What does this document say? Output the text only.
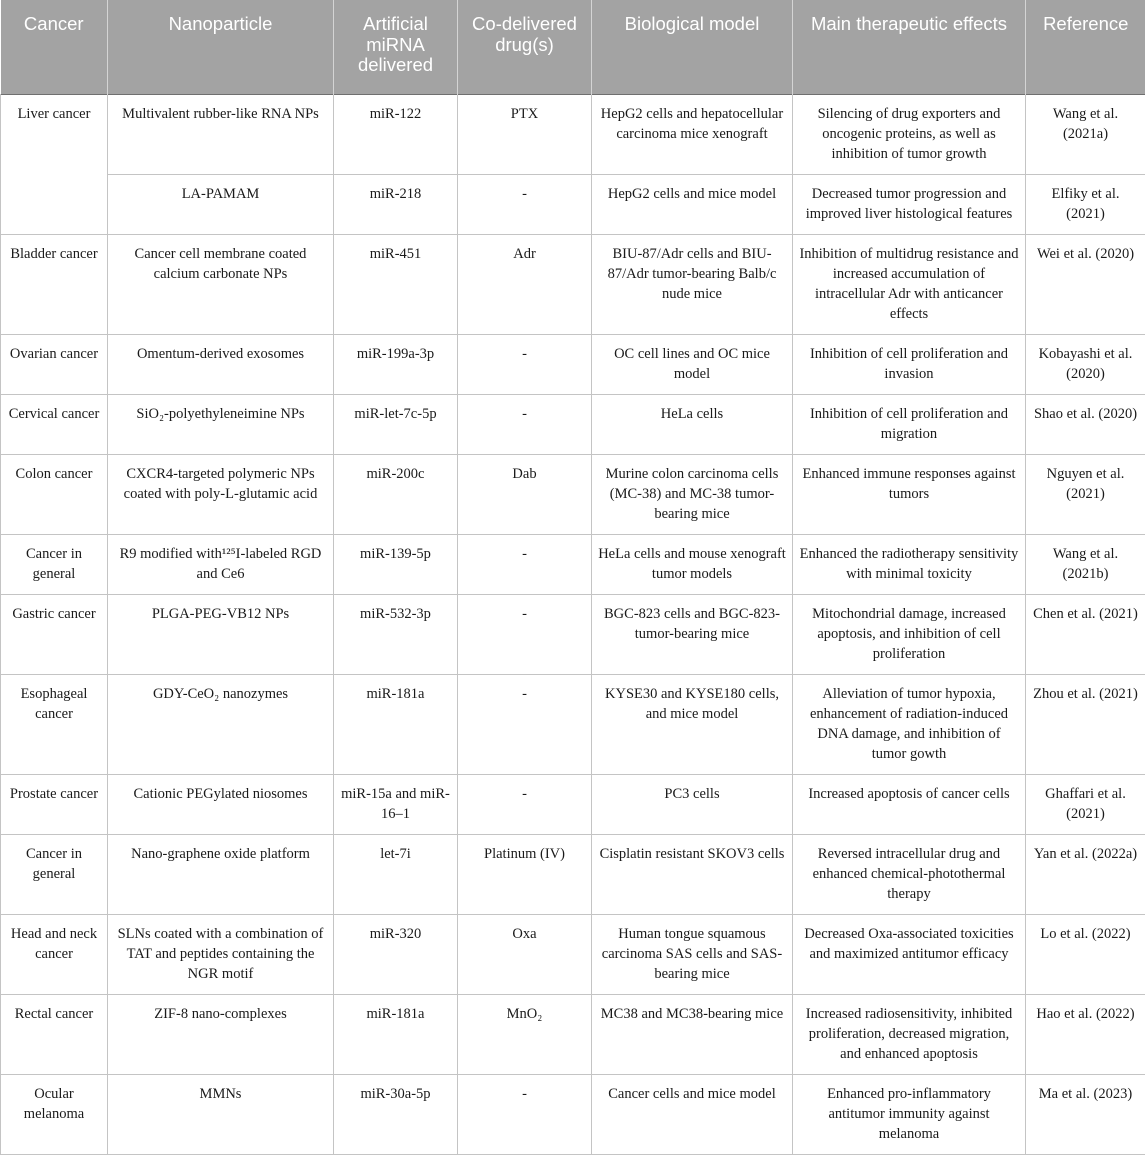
Cancer	Nanoparticle	Artificial miRNA delivered	Co-delivered drug(s)	Biological model	Main therapeutic effects	Reference
Liver cancer	Multivalent rubber-like RNA NPs	miR-122	PTX	HepG2 cells and hepatocellular carcinoma mice xenograft	Silencing of drug exporters and oncogenic proteins, as well as inhibition of tumor growth	Wang et al. (2021a)
	LA-PAMAM	miR-218	-	HepG2 cells and mice model	Decreased tumor progression and improved liver histological features	Elfiky et al. (2021)
Bladder cancer	Cancer cell membrane coated calcium carbonate NPs	miR-451	Adr	BIU-87/Adr cells and BIU-87/Adr tumor-bearing Balb/c nude mice	Inhibition of multidrug resistance and increased accumulation of intracellular Adr with anticancer effects	Wei et al. (2020)
Ovarian cancer	Omentum-derived exosomes	miR-199a-3p	-	OC cell lines and OC mice model	Inhibition of cell proliferation and invasion	Kobayashi et al. (2020)
Cervical cancer	SiO₂-polyethyleneimine NPs	miR-let-7c-5p	-	HeLa cells	Inhibition of cell proliferation and migration	Shao et al. (2020)
Colon cancer	CXCR4-targeted polymeric NPs coated with poly-L-glutamic acid	miR-200c	Dab	Murine colon carcinoma cells (MC-38) and MC-38 tumor-bearing mice	Enhanced immune responses against tumors	Nguyen et al. (2021)
Cancer in general	R9 modified with¹²⁵I-labeled RGD and Ce6	miR-139-5p	-	HeLa cells and mouse xenograft tumor models	Enhanced the radiotherapy sensitivity with minimal toxicity	Wang et al. (2021b)
Gastric cancer	PLGA-PEG-VB12 NPs	miR-532-3p	-	BGC-823 cells and BGC-823-tumor-bearing mice	Mitochondrial damage, increased apoptosis, and inhibition of cell proliferation	Chen et al. (2021)
Esophageal cancer	GDY-CeO₂ nanozymes	miR-181a	-	KYSE30 and KYSE180 cells, and mice model	Alleviation of tumor hypoxia, enhancement of radiation-induced DNA damage, and inhibition of tumor gowth	Zhou et al. (2021)
Prostate cancer	Cationic PEGylated niosomes	miR-15a and miR-16–1	-	PC3 cells	Increased apoptosis of cancer cells	Ghaffari et al. (2021)
Cancer in general	Nano-graphene oxide platform	let-7i	Platinum (IV)	Cisplatin resistant SKOV3 cells	Reversed intracellular drug and enhanced chemical-photothermal therapy	Yan et al. (2022a)
Head and neck cancer	SLNs coated with a combination of TAT and peptides containing the NGR motif	miR-320	Oxa	Human tongue squamous carcinoma SAS cells and SAS-bearing mice	Decreased Oxa-associated toxicities and maximized antitumor efficacy	Lo et al. (2022)
Rectal cancer	ZIF-8 nano-complexes	miR-181a	MnO₂	MC38 and MC38-bearing mice	Increased radiosensitivity, inhibited proliferation, decreased migration, and enhanced apoptosis	Hao et al. (2022)
Ocular melanoma	MMNs	miR-30a-5p	-	Cancer cells and mice model	Enhanced pro-inflammatory antitumor immunity against melanoma	Ma et al. (2023)
